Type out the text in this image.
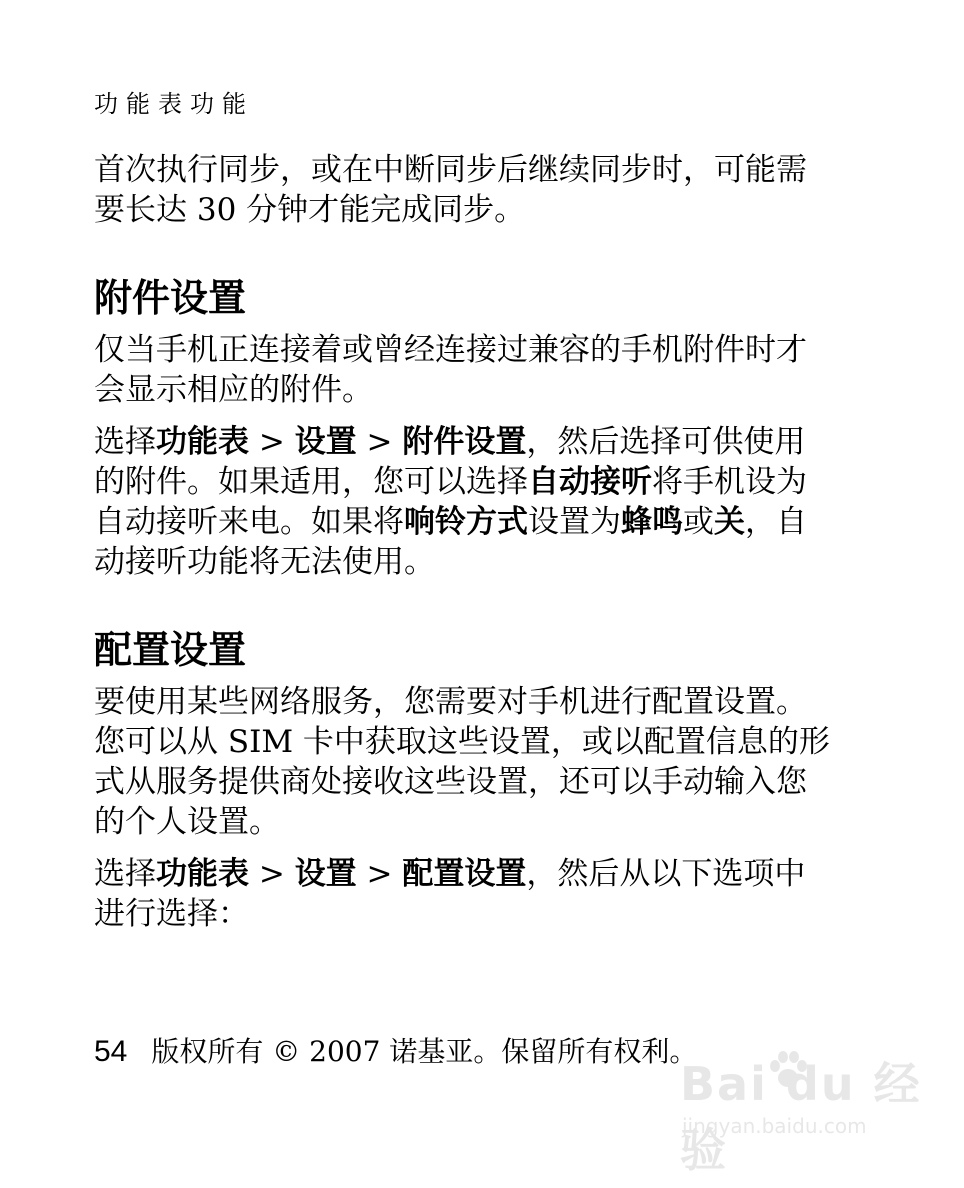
功能表功能

首次执行同步，或在中断同步后继续同步时，可能需要长达 30 分钟才能完成同步。

附件设置

仅当手机正连接着或曾经连接过兼容的手机附件时才会显示相应的附件。

选择功能表 > 设置 > 附件设置，然后选择可供使用的附件。如果适用，您可以选择自动接听将手机设为自动接听来电。如果将响铃方式设置为蜂鸣或关，自动接听功能将无法使用。

配置设置

要使用某些网络服务，您需要对手机进行配置设置。您可以从 SIM 卡中获取这些设置，或以配置信息的形式从服务提供商处接收这些设置，还可以手动输入您的个人设置。

选择功能表 > 设置 > 配置设置，然后从以下选项中进行选择：

54 版权所有 © 2007 诺基亚。保留所有权利。
Bai du 经验
jingyan.baidu.com
